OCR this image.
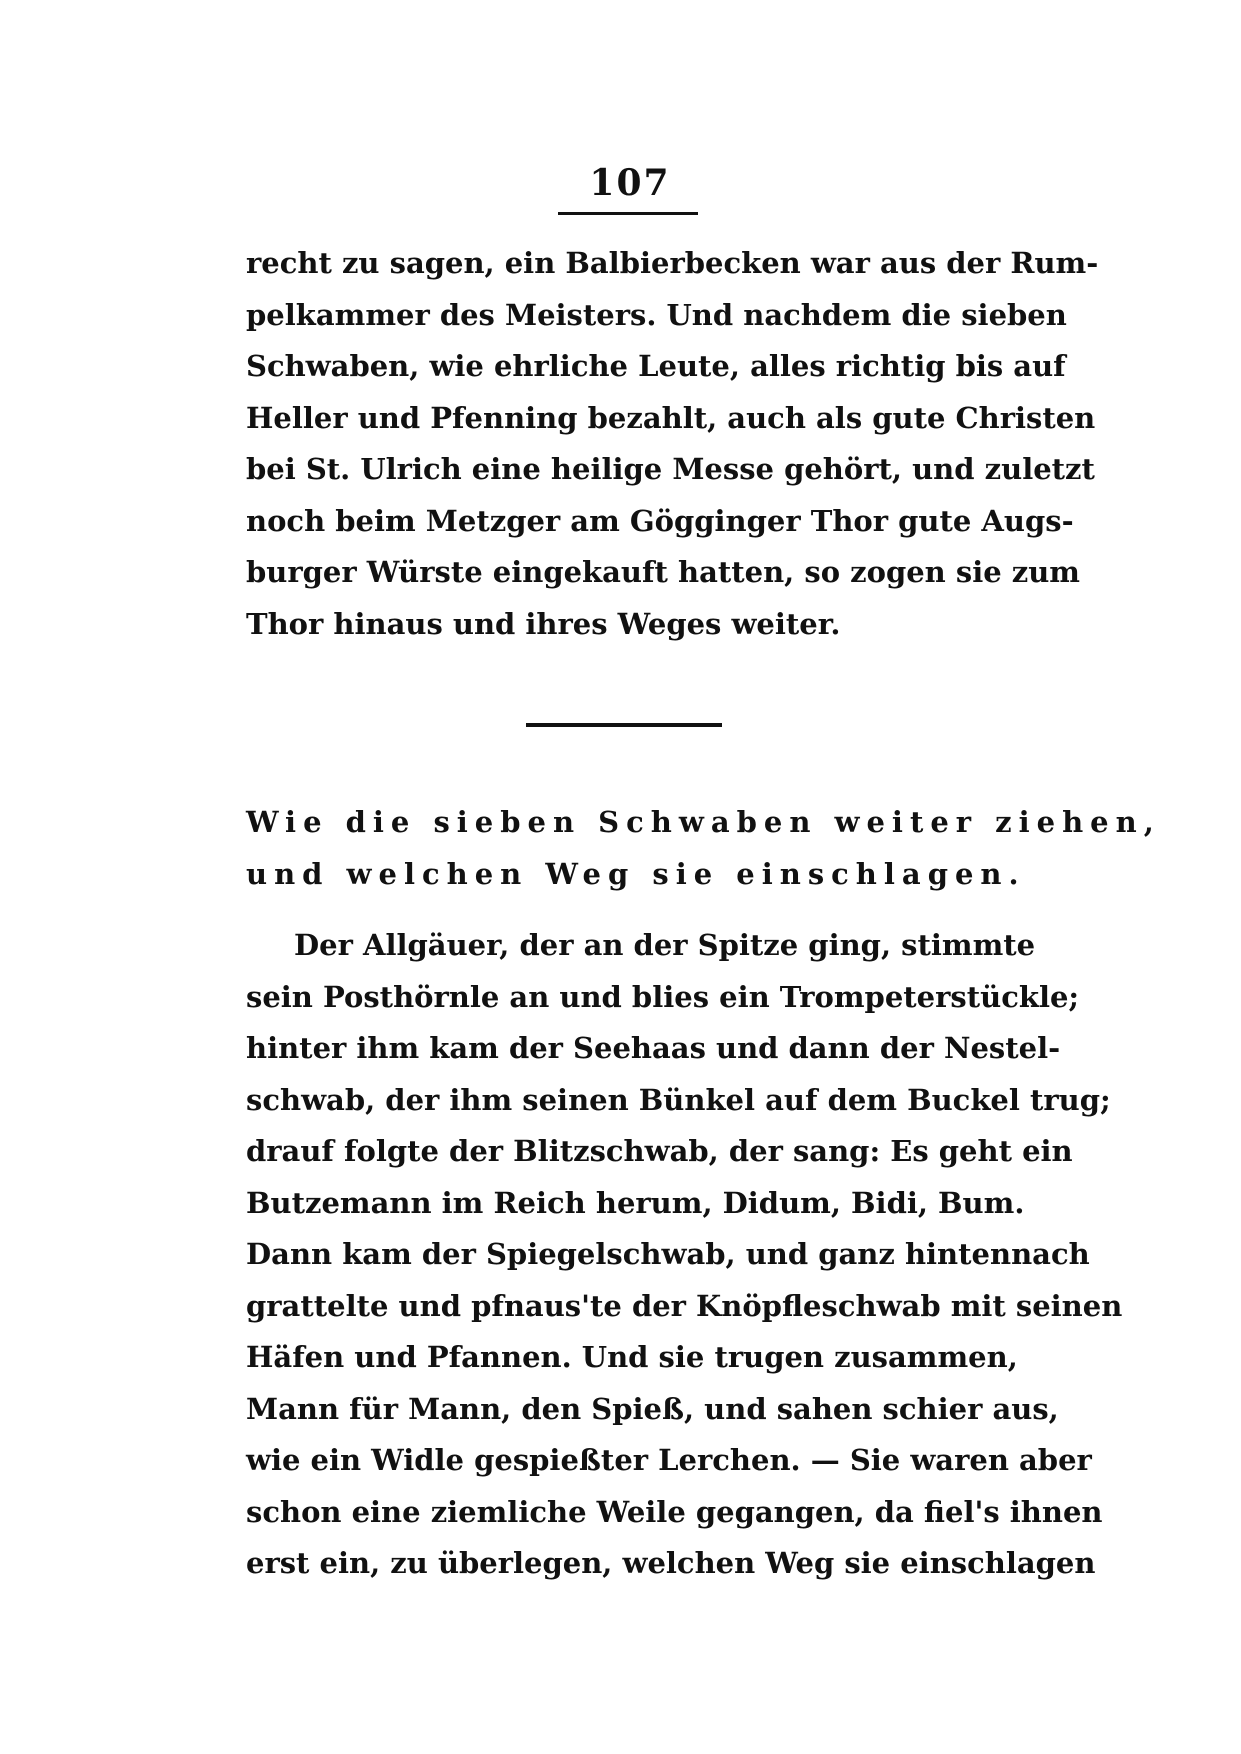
107
recht zu sagen, ein Balbierbecken war aus der Rum-
pelkammer des Meisters. Und nachdem die sieben
Schwaben, wie ehrliche Leute, alles richtig bis auf
Heller und Pfenning bezahlt, auch als gute Christen
bei St. Ulrich eine heilige Messe gehört, und zuletzt
noch beim Metzger am Gögginger Thor gute Augs-
burger Würste eingekauft hatten, so zogen sie zum
Thor hinaus und ihres Weges weiter.
Wie die sieben Schwaben weiter ziehen,
und welchen Weg sie einschlagen.
Der Allgäuer, der an der Spitze ging, stimmte
sein Posthörnle an und blies ein Trompeterstückle;
hinter ihm kam der Seehaas und dann der Nestel-
schwab, der ihm seinen Bünkel auf dem Buckel trug;
drauf folgte der Blitzschwab, der sang: Es geht ein
Butzemann im Reich herum, Didum, Bidi, Bum.
Dann kam der Spiegelschwab, und ganz hintennach
grattelte und pfnaus'te der Knöpfleschwab mit seinen
Häfen und Pfannen. Und sie trugen zusammen,
Mann für Mann, den Spieß, und sahen schier aus,
wie ein Widle gespießter Lerchen. — Sie waren aber
schon eine ziemliche Weile gegangen, da fiel's ihnen
erst ein, zu überlegen, welchen Weg sie einschlagen
